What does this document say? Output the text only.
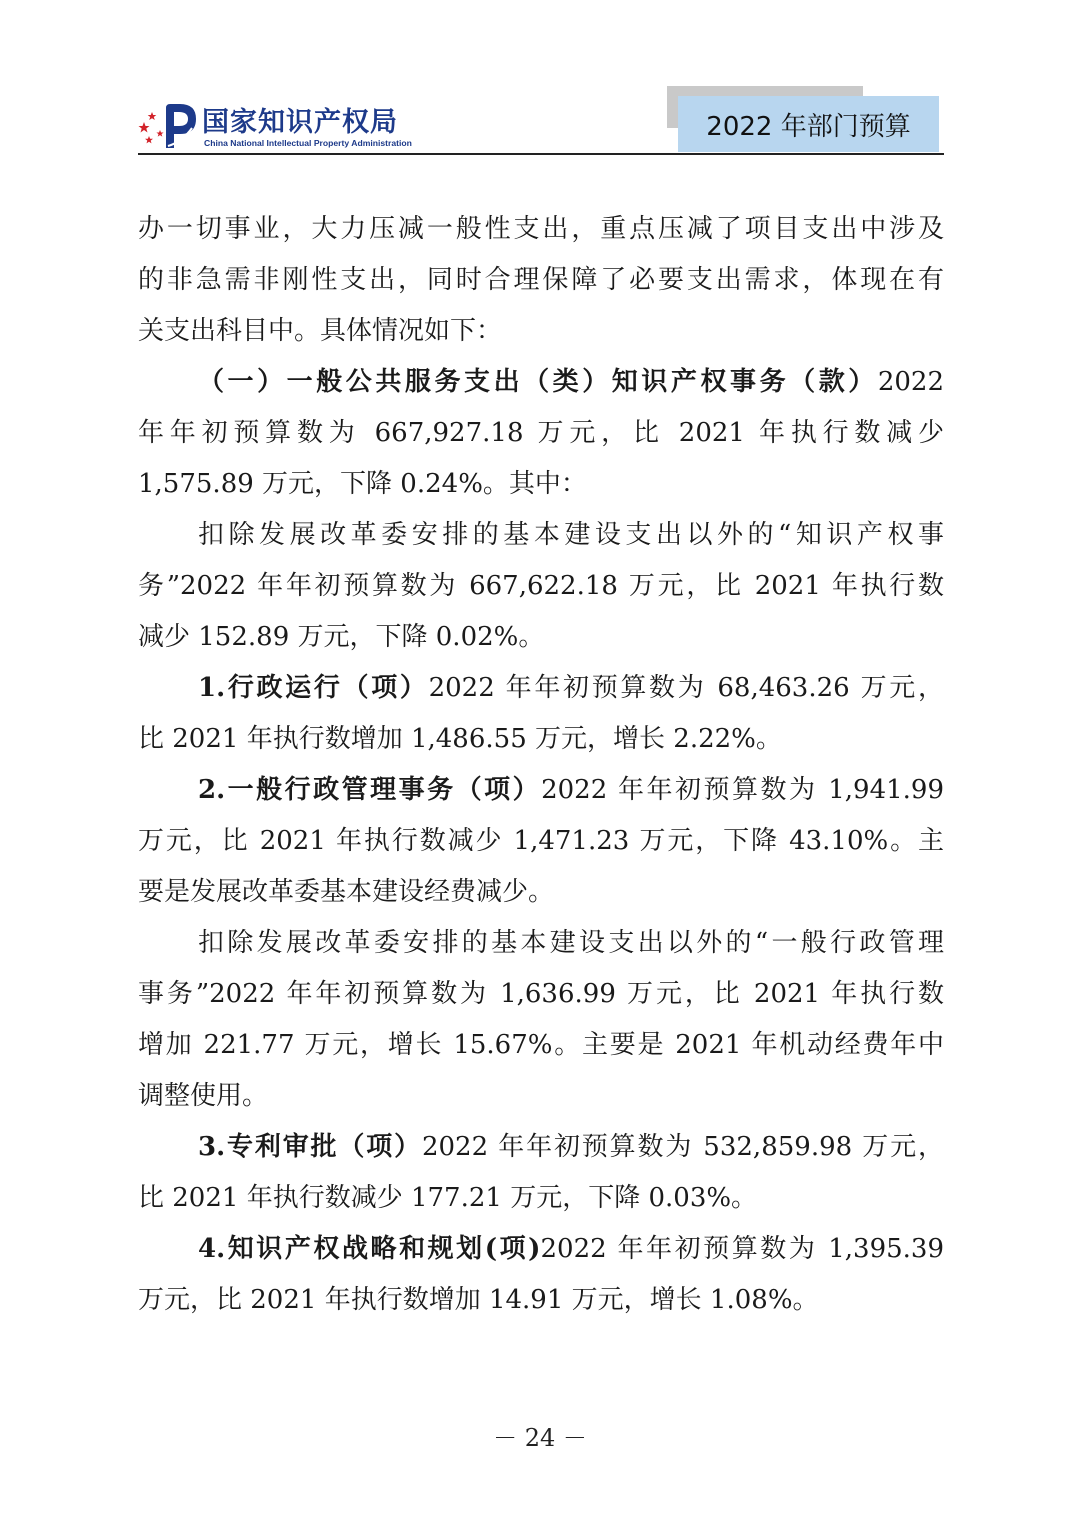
国家知识产权局
China National Intellectual Property Administration
2022 年部门预算
办一切事业，大力压减一般性支出，重点压减了项目支出中涉及
的非急需非刚性支出，同时合理保障了必要支出需求，体现在有
关支出科目中。具体情况如下：
（一）一般公共服务支出（类）知识产权事务（款）2022
年年初预算数为 667,927.18 万元，比 2021 年执行数减少
1,575.89 万元，下降 0.24%。其中：
扣除发展改革委安排的基本建设支出以外的“知识产权事
务”2022 年年初预算数为 667,622.18 万元，比 2021 年执行数
减少 152.89 万元，下降 0.02%。
1.行政运行（项）2022 年年初预算数为 68,463.26 万元，
比 2021 年执行数增加 1,486.55 万元，增长 2.22%。
2.一般行政管理事务（项）2022 年年初预算数为 1,941.99
万元，比 2021 年执行数减少 1,471.23 万元，下降 43.10%。主
要是发展改革委基本建设经费减少。
扣除发展改革委安排的基本建设支出以外的“一般行政管理
事务”2022 年年初预算数为 1,636.99 万元，比 2021 年执行数
增加 221.77 万元，增长 15.67%。主要是 2021 年机动经费年中
调整使用。
3.专利审批（项）2022 年年初预算数为 532,859.98 万元，
比 2021 年执行数减少 177.21 万元，下降 0.03%。
4.知识产权战略和规划(项)2022 年年初预算数为 1,395.39
万元，比 2021 年执行数增加 14.91 万元，增长 1.08%。
－ 24 －
